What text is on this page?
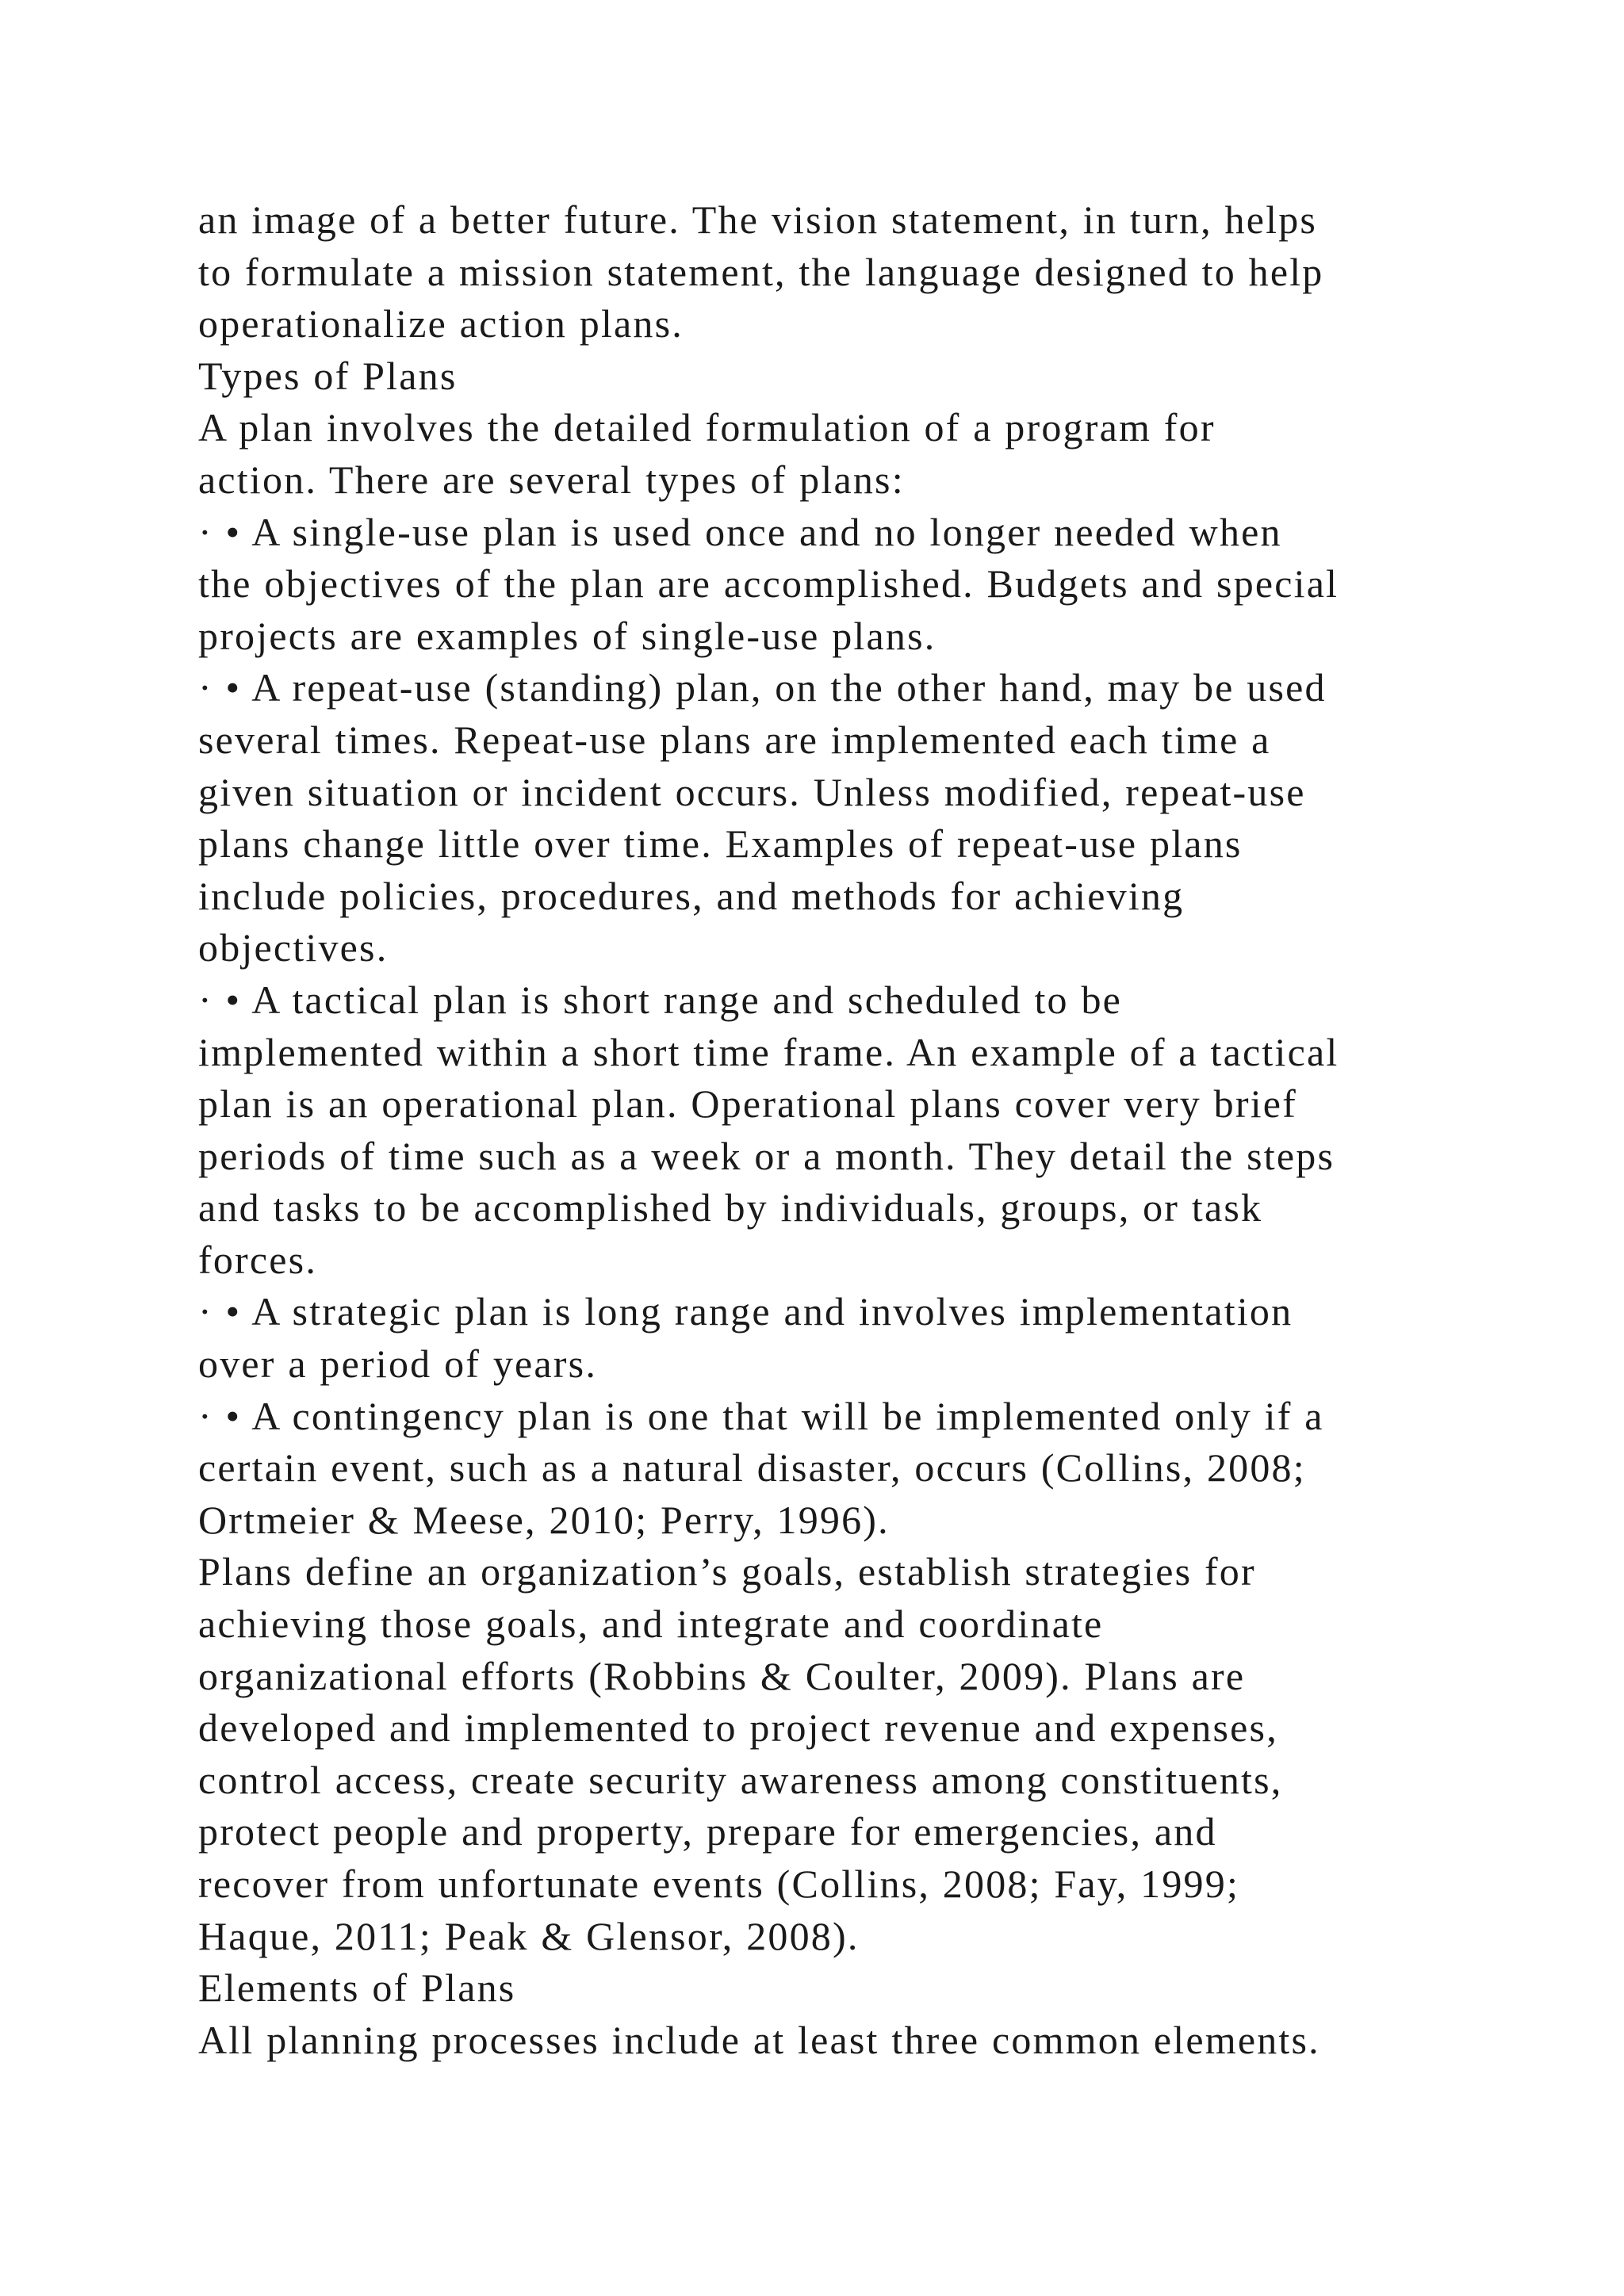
an image of a better future. The vision statement, in turn, helps
to formulate a mission statement, the language designed to help
operationalize action plans.
Types of Plans
A plan involves the detailed formulation of a program for
action. There are several types of plans:
· • A single-use plan is used once and no longer needed when
the objectives of the plan are accomplished. Budgets and special
projects are examples of single-use plans.
· • A repeat-use (standing) plan, on the other hand, may be used
several times. Repeat-use plans are implemented each time a
given situation or incident occurs. Unless modified, repeat-use
plans change little over time. Examples of repeat-use plans
include policies, procedures, and methods for achieving
objectives.
· • A tactical plan is short range and scheduled to be
implemented within a short time frame. An example of a tactical
plan is an operational plan. Operational plans cover very brief
periods of time such as a week or a month. They detail the steps
and tasks to be accomplished by individuals, groups, or task
forces.
· • A strategic plan is long range and involves implementation
over a period of years.
· • A contingency plan is one that will be implemented only if a
certain event, such as a natural disaster, occurs (Collins, 2008;
Ortmeier & Meese, 2010; Perry, 1996).
Plans define an organization’s goals, establish strategies for
achieving those goals, and integrate and coordinate
organizational efforts (Robbins & Coulter, 2009). Plans are
developed and implemented to project revenue and expenses,
control access, create security awareness among constituents,
protect people and property, prepare for emergencies, and
recover from unfortunate events (Collins, 2008; Fay, 1999;
Haque, 2011; Peak & Glensor, 2008).
Elements of Plans
All planning processes include at least three common elements.
